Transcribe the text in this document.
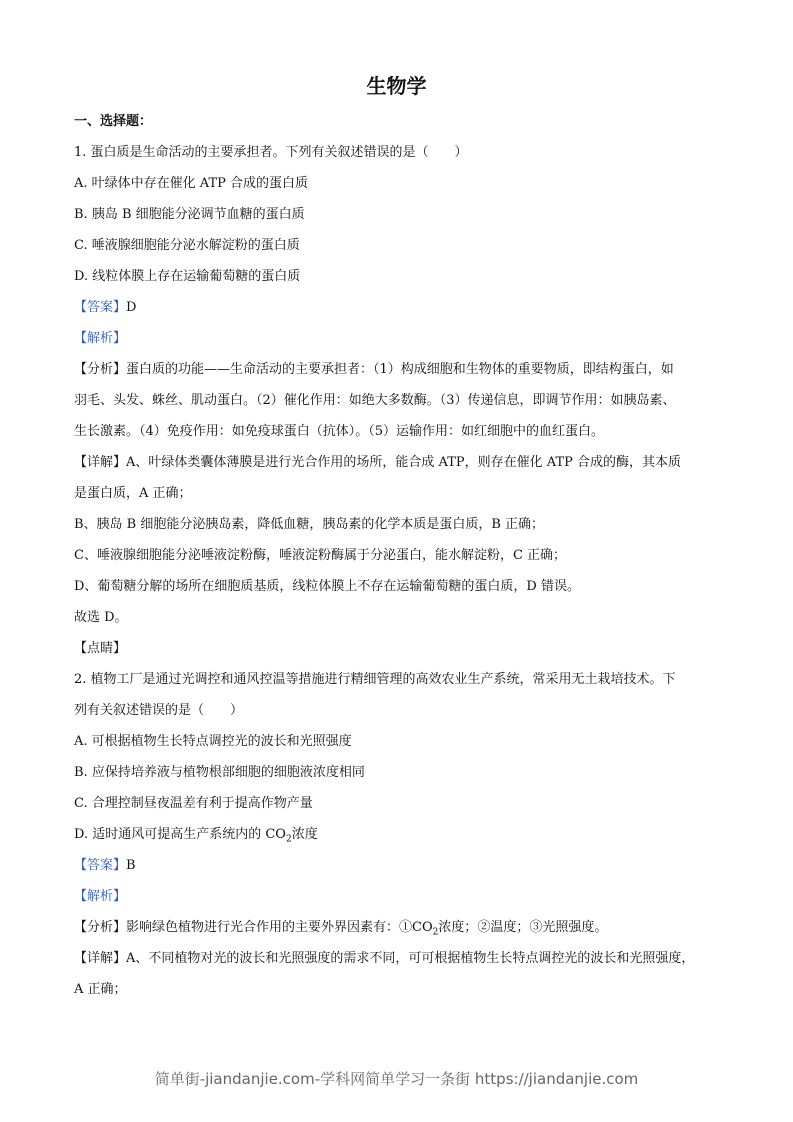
生物学
一、选择题：
1. 蛋白质是生命活动的主要承担者。下列有关叙述错误的是（　　）
A. 叶绿体中存在催化 ATP 合成的蛋白质
B. 胰岛 B 细胞能分泌调节血糖的蛋白质
C. 唾液腺细胞能分泌水解淀粉的蛋白质
D. 线粒体膜上存在运输葡萄糖的蛋白质
【答案】D
【解析】
【分析】蛋白质的功能——生命活动的主要承担者：（1）构成细胞和生物体的重要物质，即结构蛋白，如
羽毛、头发、蛛丝、肌动蛋白。（2）催化作用：如绝大多数酶。（3）传递信息，即调节作用：如胰岛素、
生长激素。（4）免疫作用：如免疫球蛋白（抗体）。（5）运输作用：如红细胞中的血红蛋白。
【详解】A、叶绿体类囊体薄膜是进行光合作用的场所，能合成 ATP，则存在催化 ATP 合成的酶，其本质
是蛋白质，A 正确；
B、胰岛 B 细胞能分泌胰岛素，降低血糖，胰岛素的化学本质是蛋白质，B 正确；
C、唾液腺细胞能分泌唾液淀粉酶，唾液淀粉酶属于分泌蛋白，能水解淀粉，C 正确；
D、葡萄糖分解的场所在细胞质基质，线粒体膜上不存在运输葡萄糖的蛋白质，D 错误。
故选 D。
【点睛】
2. 植物工厂是通过光调控和通风控温等措施进行精细管理的高效农业生产系统，常采用无土栽培技术。下
列有关叙述错误的是（　　）
A. 可根据植物生长特点调控光的波长和光照强度
B. 应保持培养液与植物根部细胞的细胞液浓度相同
C. 合理控制昼夜温差有利于提高作物产量
D. 适时通风可提高生产系统内的 $CO_2$浓度
【答案】B
【解析】
【分析】影响绿色植物进行光合作用的主要外界因素有：$①CO_2$浓度；②温度；③光照强度。
【详解】A、不同植物对光的波长和光照强度的需求不同，可可根据植物生长特点调控光的波长和光照强度，
A 正确；
简单街-jiandanjie.com-学科网简单学习一条街 https://jiandanjie.com
